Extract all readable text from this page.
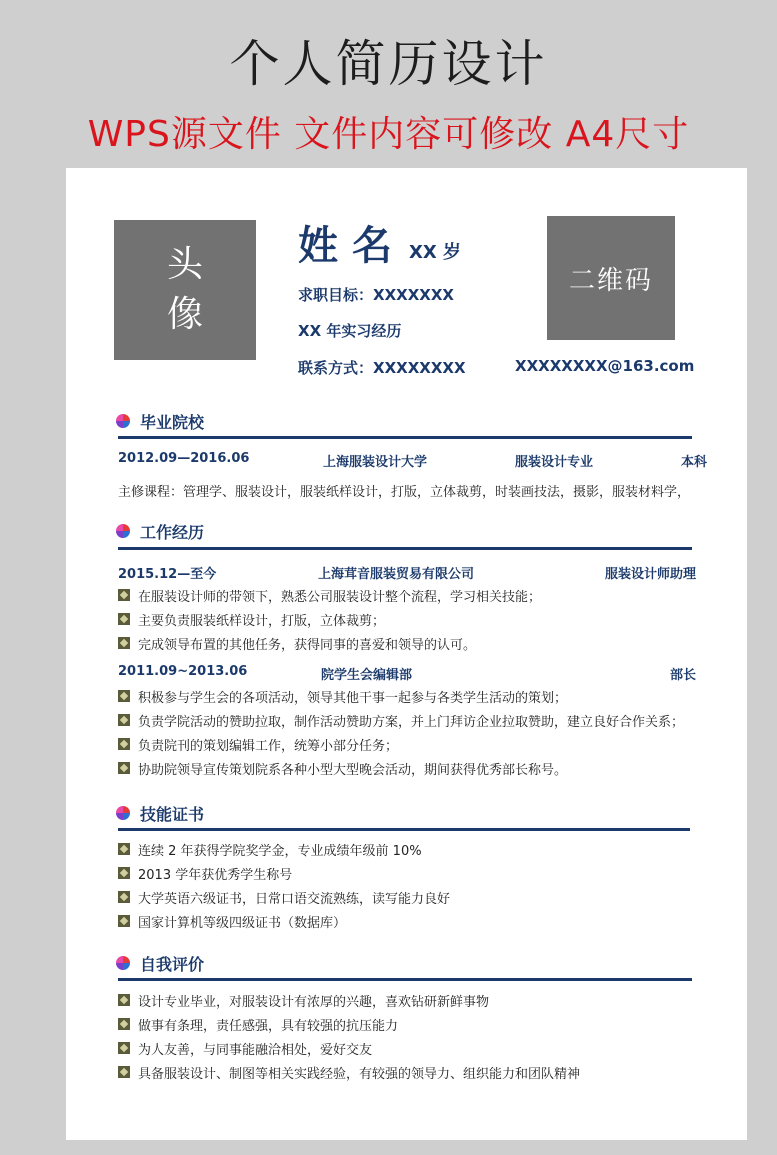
个人简历设计
WPS源文件 文件内容可修改 A4尺寸
头像
二维码
姓名 XX 岁
求职目标：XXXXXXX
XX 年实习经历
联系方式：XXXXXXXX	XXXXXXXX@163.com
毕业院校
2012.09—2016.06	上海服装设计大学	服装设计专业	本科
主修课程：管理学、服装设计，服装纸样设计，打版，立体裁剪，时装画技法，摄影，服装材料学，
工作经历
2015.12—至今	上海茸音服装贸易有限公司	服装设计师助理
在服装设计师的带领下，熟悉公司服装设计整个流程，学习相关技能；
主要负责服装纸样设计，打版，立体裁剪；
完成领导布置的其他任务，获得同事的喜爱和领导的认可。
2011.09~2013.06	院学生会编辑部	部长
积极参与学生会的各项活动，领导其他干事一起参与各类学生活动的策划；
负责学院活动的赞助拉取，制作活动赞助方案，并上门拜访企业拉取赞助，建立良好合作关系；
负责院刊的策划编辑工作，统筹小部分任务；
协助院领导宣传策划院系各种小型大型晚会活动，期间获得优秀部长称号。
技能证书
连续 2 年获得学院奖学金，专业成绩年级前 10%
2013 学年获优秀学生称号
大学英语六级证书，日常口语交流熟练，读写能力良好
国家计算机等级四级证书（数据库）
自我评价
设计专业毕业，对服装设计有浓厚的兴趣，喜欢钻研新鲜事物
做事有条理，责任感强，具有较强的抗压能力
为人友善，与同事能融洽相处，爱好交友
具备服装设计、制图等相关实践经验，有较强的领导力、组织能力和团队精神
